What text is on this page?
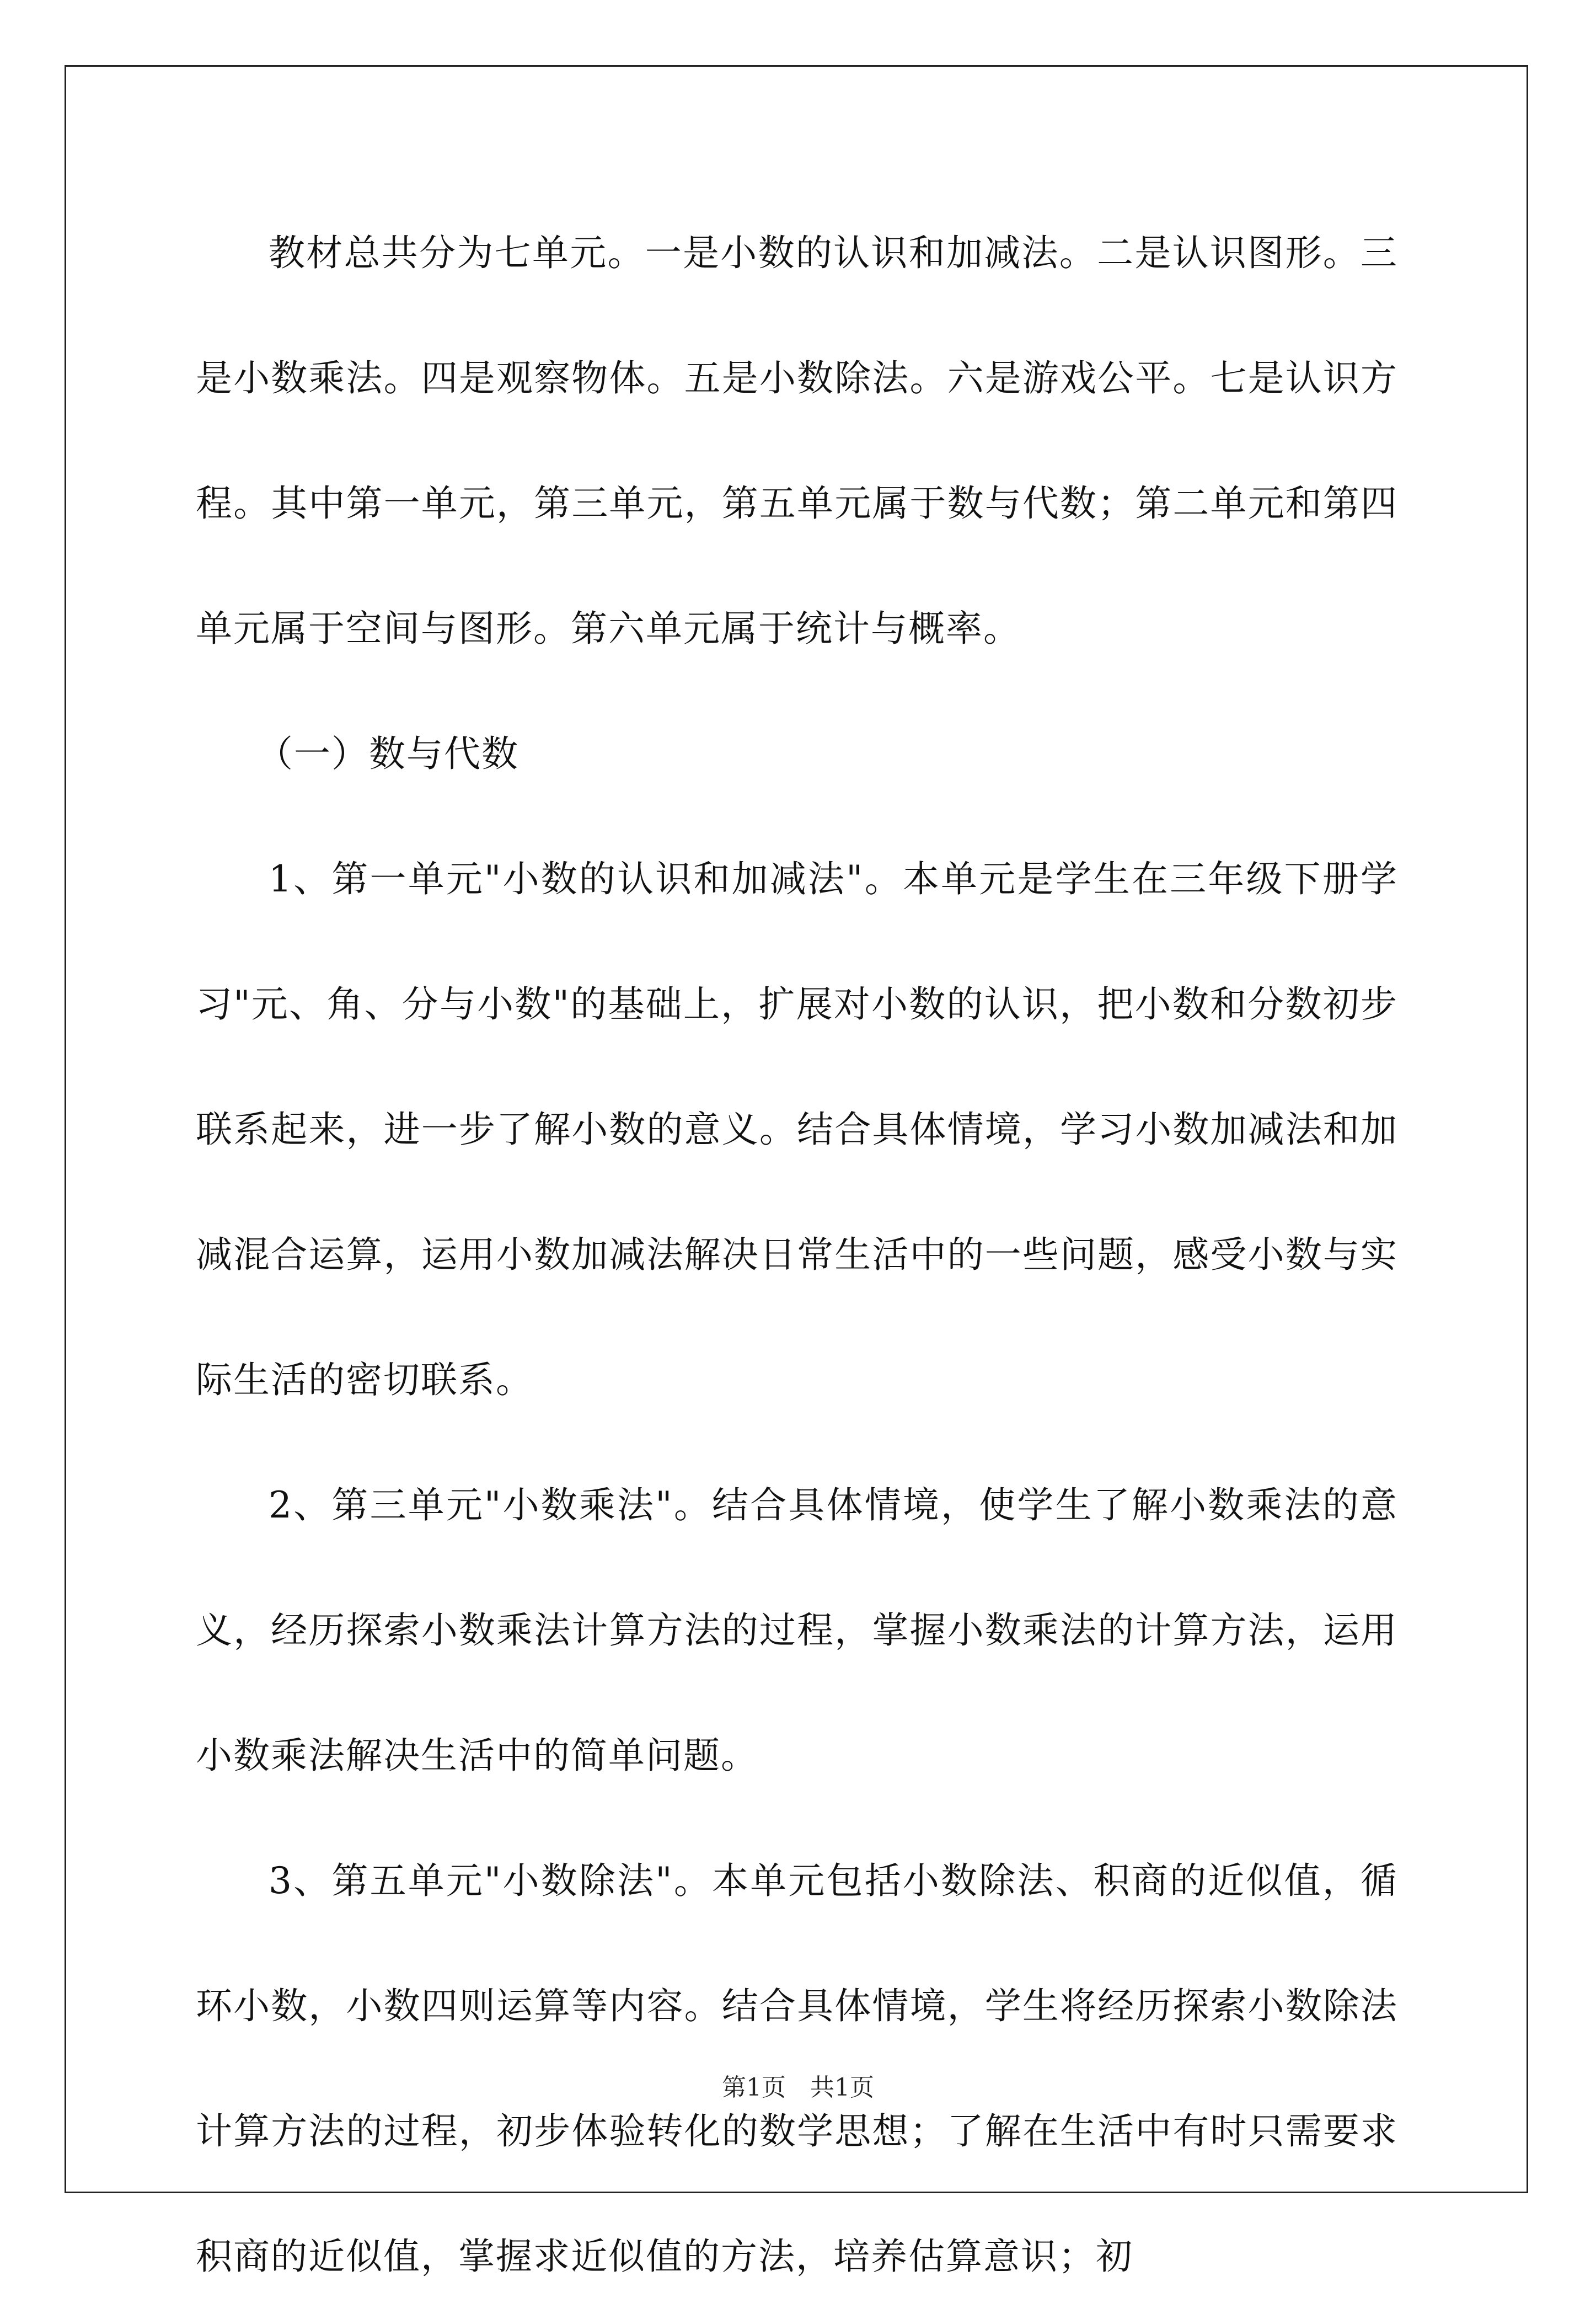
教材总共分为七单元。一是小数的认识和加减法。二是认识图形。三是小数乘法。四是观察物体。五是小数除法。六是游戏公平。七是认识方程。其中第一单元，第三单元，第五单元属于数与代数；第二单元和第四单元属于空间与图形。第六单元属于统计与概率。

（一）数与代数

1、第一单元"小数的认识和加减法"。本单元是学生在三年级下册学习"元、角、分与小数"的基础上，扩展对小数的认识，把小数和分数初步联系起来，进一步了解小数的意义。结合具体情境，学习小数加减法和加减混合运算，运用小数加减法解决日常生活中的一些问题，感受小数与实际生活的密切联系。

2、第三单元"小数乘法"。结合具体情境，使学生了解小数乘法的意义，经历探索小数乘法计算方法的过程，掌握小数乘法的计算方法，运用小数乘法解决生活中的简单问题。

3、第五单元"小数除法"。本单元包括小数除法、积商的近似值，循环小数，小数四则运算等内容。结合具体情境，学生将经历探索小数除法计算方法的过程，初步体验转化的数学思想；了解在生活中有时只需要求积商的近似值，掌握求近似值的方法，培养估算意识；初

第1页　共1页
